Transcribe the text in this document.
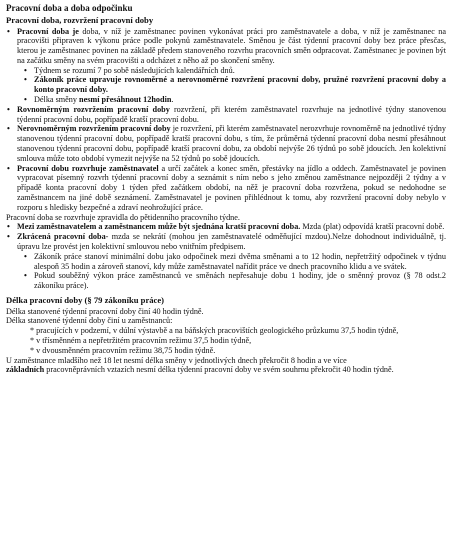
Pracovní doba a doba odpočinku
Pracovní doba, rozvržení pracovní doby

• Pracovní doba je doba, v níž je zaměstnanec povinen vykonávat práci pro zaměstnavatele a doba, v níž je zaměstnanec na pracovišti připraven k výkonu práce podle pokynů zaměstnavatele. Směnou je část týdenní pracovní doby bez práce přesčas, kterou je zaměstnanec povinen na základě předem stanoveného rozvrhu pracovních směn odpracovat. Zaměstnanec je povinen být na začátku směny na svém pracovišti a odcházet z něho až po skončení směny.

• Týdnem se rozumí 7 po sobě následujících kalendářních dnů.

• Zákoník práce upravuje rovnoměrné a nerovnoměrné rozvržení pracovní doby, pružné rozvržení pracovní doby a konto pracovní doby.

• Délka směny nesmí přesáhnout 12hodin.

• Rovnoměrným rozvržením pracovní doby rozvržení, při kterém zaměstnavatel rozvrhuje na jednotlivé týdny stanovenou týdenní pracovní dobu, popřípadě kratší pracovní dobu.

• Nerovnoměrným rozvržením pracovní doby je rozvržení, při kterém zaměstnavatel nerozvrhuje rovnoměrně na jednotlivé týdny stanovenou týdenní pracovní dobu, popřípadě kratší pracovní dobu, s tím, že průměrná týdenní pracovní doba nesmí přesáhnout stanovenou týdenní pracovní dobu, popřípadě kratší pracovní dobu, za období nejvýše 26 týdnů po sobě jdoucích. Jen kolektivní smlouva může toto období vymezit nejvýše na 52 týdnů po sobě jdoucích.

• Pracovní dobu rozvrhuje zaměstnavatel a určí začátek a konec směn, přestávky na jídlo a oddech. Zaměstnavatel je povinen vypracovat písemný rozvrh týdenní pracovní doby a seznámit s ním nebo s jeho změnou zaměstnance nejpozději 2 týdny a v případě konta pracovní doby 1 týden před začátkem období, na něž je pracovní doba rozvržena, pokud se nedohodne se zaměstnancem na jiné době seznámení. Zaměstnavatel je povinen přihlédnout k tomu, aby rozvržení pracovní doby nebylo v rozporu s hledisky bezpečné a zdraví neohrožující práce.

Pracovní doba se rozvrhuje zpravidla do pětidenního pracovního týdne.

• Mezi zaměstnavatelem a zaměstnancem může být sjednána kratší pracovní doba. Mzda (plat) odpovídá kratší pracovní době.

• Zkrácená pracovní doba- mzda se nekrátí (mohou jen zaměstnavatelé odměňující mzdou).Nelze dohodnout individuálně, tj. úpravu lze provést jen kolektivní smlouvou nebo vnitřním předpisem.

• Zákoník práce stanoví minimální dobu jako odpočinek mezi dvěma směnami a to 12 hodin, nepřetržitý odpočinek v týdnu alespoň 35 hodin a zároveň stanoví, kdy může zaměstnavatel nařídit práce ve dnech pracovního klidu a ve svátek.

• Pokud souběžný výkon práce zaměstnanců ve směnách nepřesahuje dobu 1 hodiny, jde o směnný provoz (§ 78 odst.2 zákoníku práce).

Délka pracovní doby (§ 79 zákoníku práce)

Délka stanovené týdenní pracovní doby činí 40 hodin týdně.

Délka stanovené týdenní doby činí u zaměstnanců:

* pracujících v podzemí, v dúlní výstavbě a na báňských pracovištích geologického průzkumu 37,5 hodin týdně,

* v třísměnném a nepřetržitém pracovním režimu 37,5 hodin týdně,

* v dvousměnném pracovním režimu 38,75 hodin týdně.

U zaměstnance mladšího než 18 let nesmí délka směny v jednotlivých dnech překročit 8 hodin a ve více

základních pracovněprávních vztazích nesmí délka týdenní pracovní doby ve svém souhrnu překročit 40 hodin týdně.
